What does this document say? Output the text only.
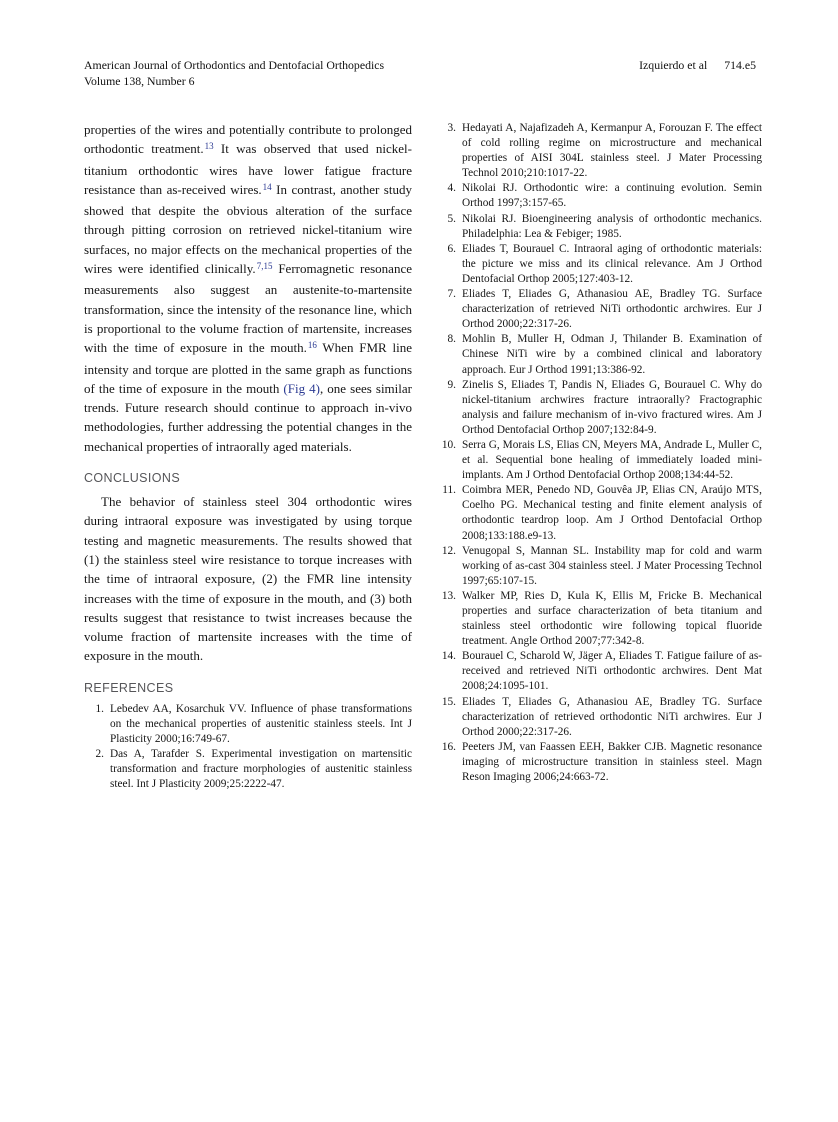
American Journal of Orthodontics and Dentofacial Orthopedics
Volume 138, Number 6
Izquierdo et al 714.e5

properties of the wires and potentially contribute to prolonged orthodontic treatment.$^{13}$ It was observed that used nickel-titanium orthodontic wires have lower fatigue fracture resistance than as-received wires.$^{14}$ In contrast, another study showed that despite the obvious alteration of the surface through pitting corrosion on retrieved nickel-titanium wire surfaces, no major effects on the mechanical properties of the wires were identified clinically.$^{7,15}$ Ferromagnetic resonance measurements also suggest an austenite-to-martensite transformation, since the intensity of the resonance line, which is proportional to the volume fraction of martensite, increases with the time of exposure in the mouth.$^{16}$ When FMR line intensity and torque are plotted in the same graph as functions of the time of exposure in the mouth (Fig 4), one sees similar trends. Future research should continue to approach in-vivo methodologies, further addressing the potential changes in the mechanical properties of intraorally aged materials.

CONCLUSIONS

The behavior of stainless steel 304 orthodontic wires during intraoral exposure was investigated by using torque testing and magnetic measurements. The results showed that (1) the stainless steel wire resistance to torque increases with the time of intraoral exposure, (2) the FMR line intensity increases with the time of exposure in the mouth, and (3) both results suggest that resistance to twist increases because the volume fraction of martensite increases with the time of exposure in the mouth.

REFERENCES
1. Lebedev AA, Kosarchuk VV. Influence of phase transformations on the mechanical properties of austenitic stainless steels. Int J Plasticity 2000;16:749-67.
2. Das A, Tarafder S. Experimental investigation on martensitic transformation and fracture morphologies of austenitic stainless steel. Int J Plasticity 2009;25:2222-47.
3. Hedayati A, Najafizadeh A, Kermanpur A, Forouzan F. The effect of cold rolling regime on microstructure and mechanical properties of AISI 304L stainless steel. J Mater Processing Technol 2010;210:1017-22.
4. Nikolai RJ. Orthodontic wire: a continuing evolution. Semin Orthod 1997;3:157-65.
5. Nikolai RJ. Bioengineering analysis of orthodontic mechanics. Philadelphia: Lea & Febiger; 1985.
6. Eliades T, Bourauel C. Intraoral aging of orthodontic materials: the picture we miss and its clinical relevance. Am J Orthod Dentofacial Orthop 2005;127:403-12.
7. Eliades T, Eliades G, Athanasiou AE, Bradley TG. Surface characterization of retrieved NiTi orthodontic archwires. Eur J Orthod 2000;22:317-26.
8. Mohlin B, Muller H, Odman J, Thilander B. Examination of Chinese NiTi wire by a combined clinical and laboratory approach. Eur J Orthod 1991;13:386-92.
9. Zinelis S, Eliades T, Pandis N, Eliades G, Bourauel C. Why do nickel-titanium archwires fracture intraorally? Fractographic analysis and failure mechanism of in-vivo fractured wires. Am J Orthod Dentofacial Orthop 2007;132:84-9.
10. Serra G, Morais LS, Elias CN, Meyers MA, Andrade L, Muller C, et al. Sequential bone healing of immediately loaded mini-implants. Am J Orthod Dentofacial Orthop 2008;134:44-52.
11. Coimbra MER, Penedo ND, Gouvêa JP, Elias CN, Araújo MTS, Coelho PG. Mechanical testing and finite element analysis of orthodontic teardrop loop. Am J Orthod Dentofacial Orthop 2008;133:188.e9-13.
12. Venugopal S, Mannan SL. Instability map for cold and warm working of as-cast 304 stainless steel. J Mater Processing Technol 1997;65:107-15.
13. Walker MP, Ries D, Kula K, Ellis M, Fricke B. Mechanical properties and surface characterization of beta titanium and stainless steel orthodontic wire following topical fluoride treatment. Angle Orthod 2007;77:342-8.
14. Bourauel C, Scharold W, Jäger A, Eliades T. Fatigue failure of as-received and retrieved NiTi orthodontic archwires. Dent Mat 2008;24:1095-101.
15. Eliades T, Eliades G, Athanasiou AE, Bradley TG. Surface characterization of retrieved orthodontic NiTi archwires. Eur J Orthod 2000;22:317-26.
16. Peeters JM, van Faassen EEH, Bakker CJB. Magnetic resonance imaging of microstructure transition in stainless steel. Magn Reson Imaging 2006;24:663-72.
